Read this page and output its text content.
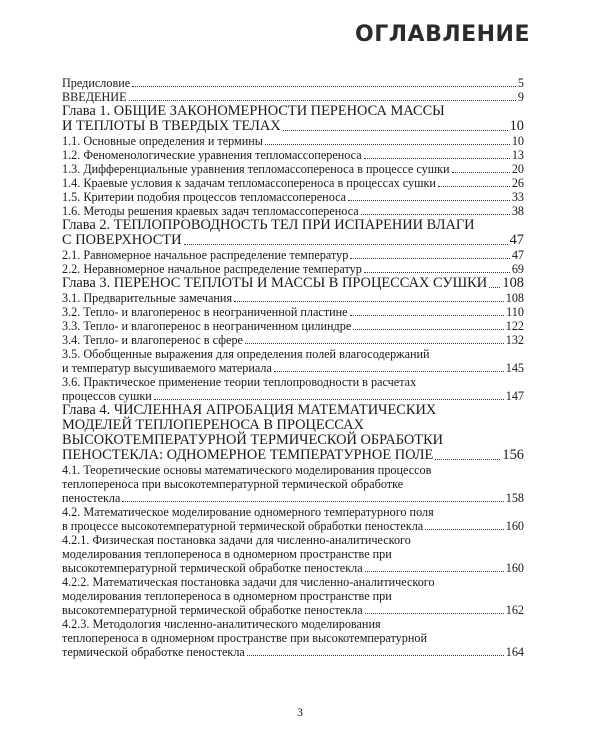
ОГЛАВЛЕНИЕ
Предисловие	5
ВВЕДЕНИЕ	9
Глава 1. ОБЩИЕ ЗАКОНОМЕРНОСТИ ПЕРЕНОСА МАССЫ
И ТЕПЛОТЫ В ТВЕРДЫХ ТЕЛАХ	10
1.1. Основные определения и термины	10
1.2. Феноменологические уравнения тепломассопереноса	13
1.3. Дифференциальные уравнения тепломассопереноса в процессе сушки	20
1.4. Краевые условия к задачам тепломассопереноса в процессах сушки	26
1.5. Критерии подобия процессов тепломассопереноса	33
1.6. Методы решения краевых задач тепломассопереноса	38
Глава 2. ТЕПЛОПРОВОДНОСТЬ ТЕЛ ПРИ ИСПАРЕНИИ ВЛАГИ
С ПОВЕРХНОСТИ	47
2.1. Равномерное начальное распределение температур	47
2.2. Неравномерное начальное распределение температур	69
Глава 3. ПЕРЕНОС ТЕПЛОТЫ И МАССЫ В ПРОЦЕССАХ СУШКИ 108
3.1. Предварительные замечания	108
3.2. Тепло- и влагоперенос в неограниченной пластине	110
3.3. Тепло- и влагоперенос в неограниченном цилиндре	122
3.4. Тепло- и влагоперенос в сфере	132
3.5. Обобщенные выражения для определения полей влагосодержаний
и температур высушиваемого материала	145
3.6. Практическое применение теории теплопроводности в расчетах
процессов сушки	147
Глава 4. ЧИСЛЕННАЯ АПРОБАЦИЯ МАТЕМАТИЧЕСКИХ
МОДЕЛЕЙ ТЕПЛОПЕРЕНОСА В ПРОЦЕССАХ
ВЫСОКОТЕМПЕРАТУРНОЙ ТЕРМИЧЕСКОЙ ОБРАБОТКИ
ПЕНОСТЕКЛА: ОДНОМЕРНОЕ ТЕМПЕРАТУРНОЕ ПОЛЕ	156
4.1. Теоретические основы математического моделирования процессов
теплопереноса при высокотемпературной термической обработке
пеностекла	158
4.2. Математическое моделирование одномерного температурного поля
в процессе высокотемпературной термической обработки пеностекла	160
4.2.1. Физическая постановка задачи для численно-аналитического
моделирования теплопереноса в одномерном пространстве при
высокотемпературной термической обработке пеностекла	160
4.2.2. Математическая постановка задачи для численно-аналитического
моделирования теплопереноса в одномерном пространстве при
высокотемпературной термической обработке пеностекла	162
4.2.3. Методология численно-аналитического моделирования
теплопереноса в одномерном пространстве при высокотемпературной
термической обработке пеностекла	164
3
